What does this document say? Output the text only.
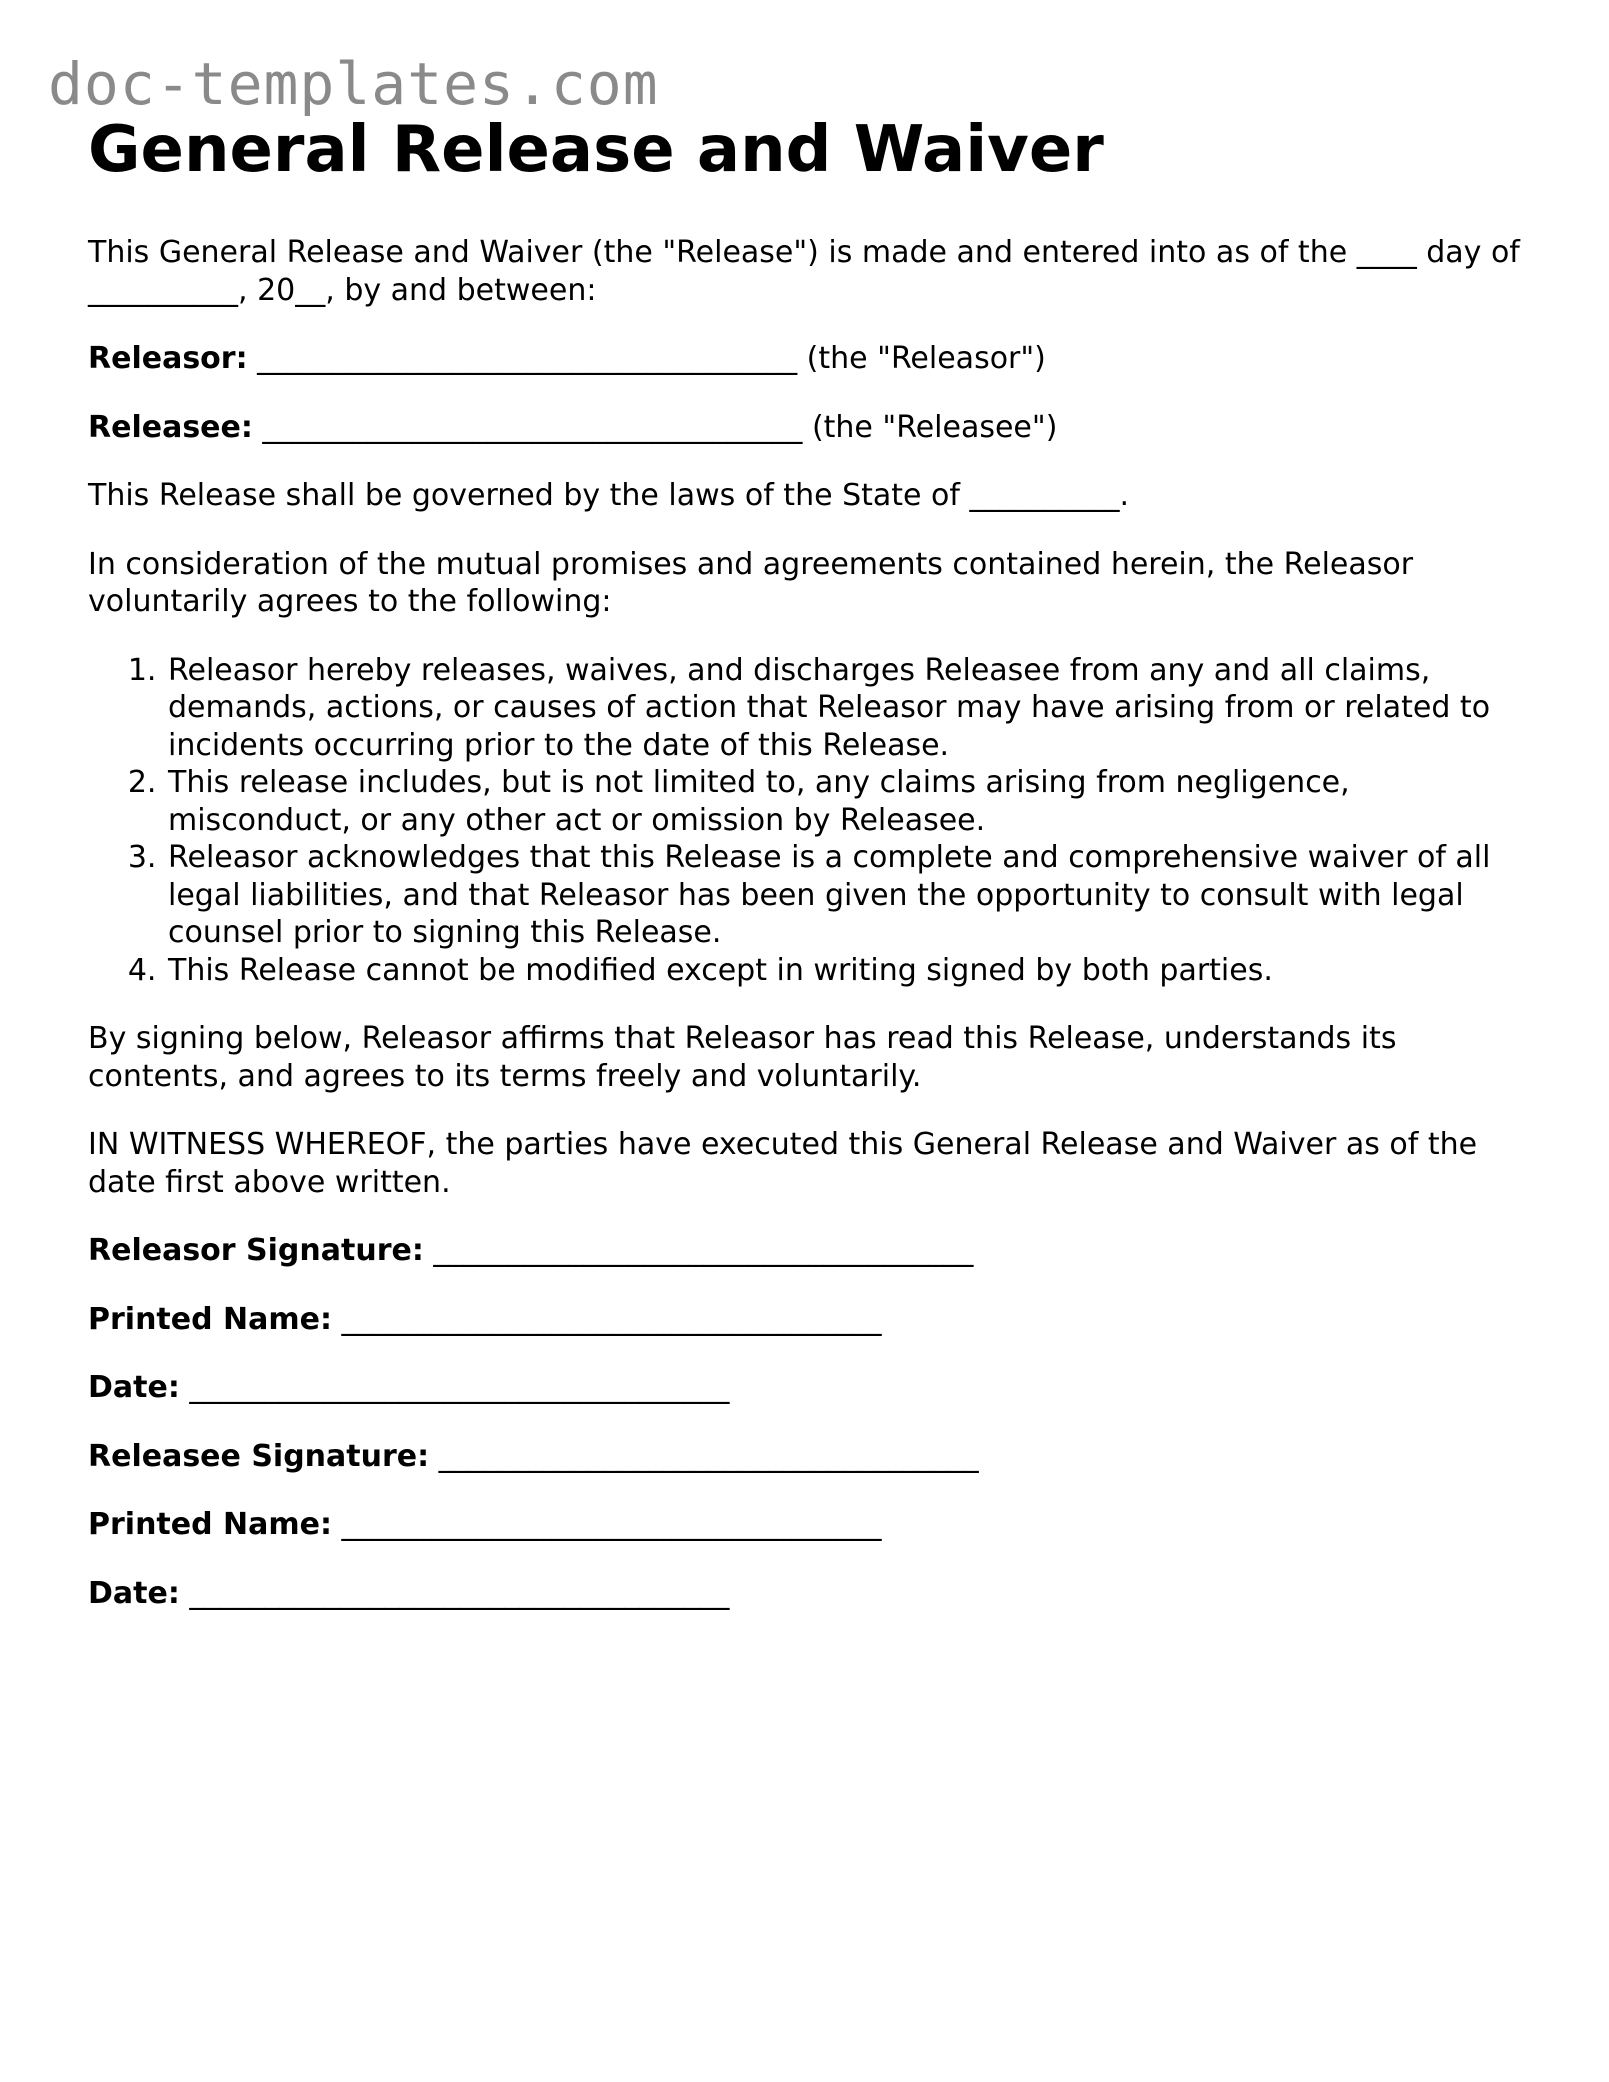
doc-templates.com
General Release and Waiver

This General Release and Waiver (the "Release") is made and entered into as of the ____ day of __________, 20__, by and between:

Releasor: ____________________________________ (the "Releasor")

Releasee: ____________________________________ (the "Releasee")

This Release shall be governed by the laws of the State of __________.

In consideration of the mutual promises and agreements contained herein, the Releasor voluntarily agrees to the following:

1. Releasor hereby releases, waives, and discharges Releasee from any and all claims, demands, actions, or causes of action that Releasor may have arising from or related to incidents occurring prior to the date of this Release.
2. This release includes, but is not limited to, any claims arising from negligence, misconduct, or any other act or omission by Releasee.
3. Releasor acknowledges that this Release is a complete and comprehensive waiver of all legal liabilities, and that Releasor has been given the opportunity to consult with legal counsel prior to signing this Release.
4. This Release cannot be modified except in writing signed by both parties.

By signing below, Releasor affirms that Releasor has read this Release, understands its contents, and agrees to its terms freely and voluntarily.

IN WITNESS WHEREOF, the parties have executed this General Release and Waiver as of the date first above written.

Releasor Signature: ____________________________________

Printed Name: ____________________________________

Date: ____________________________________

Releasee Signature: ____________________________________

Printed Name: ____________________________________

Date: ____________________________________
